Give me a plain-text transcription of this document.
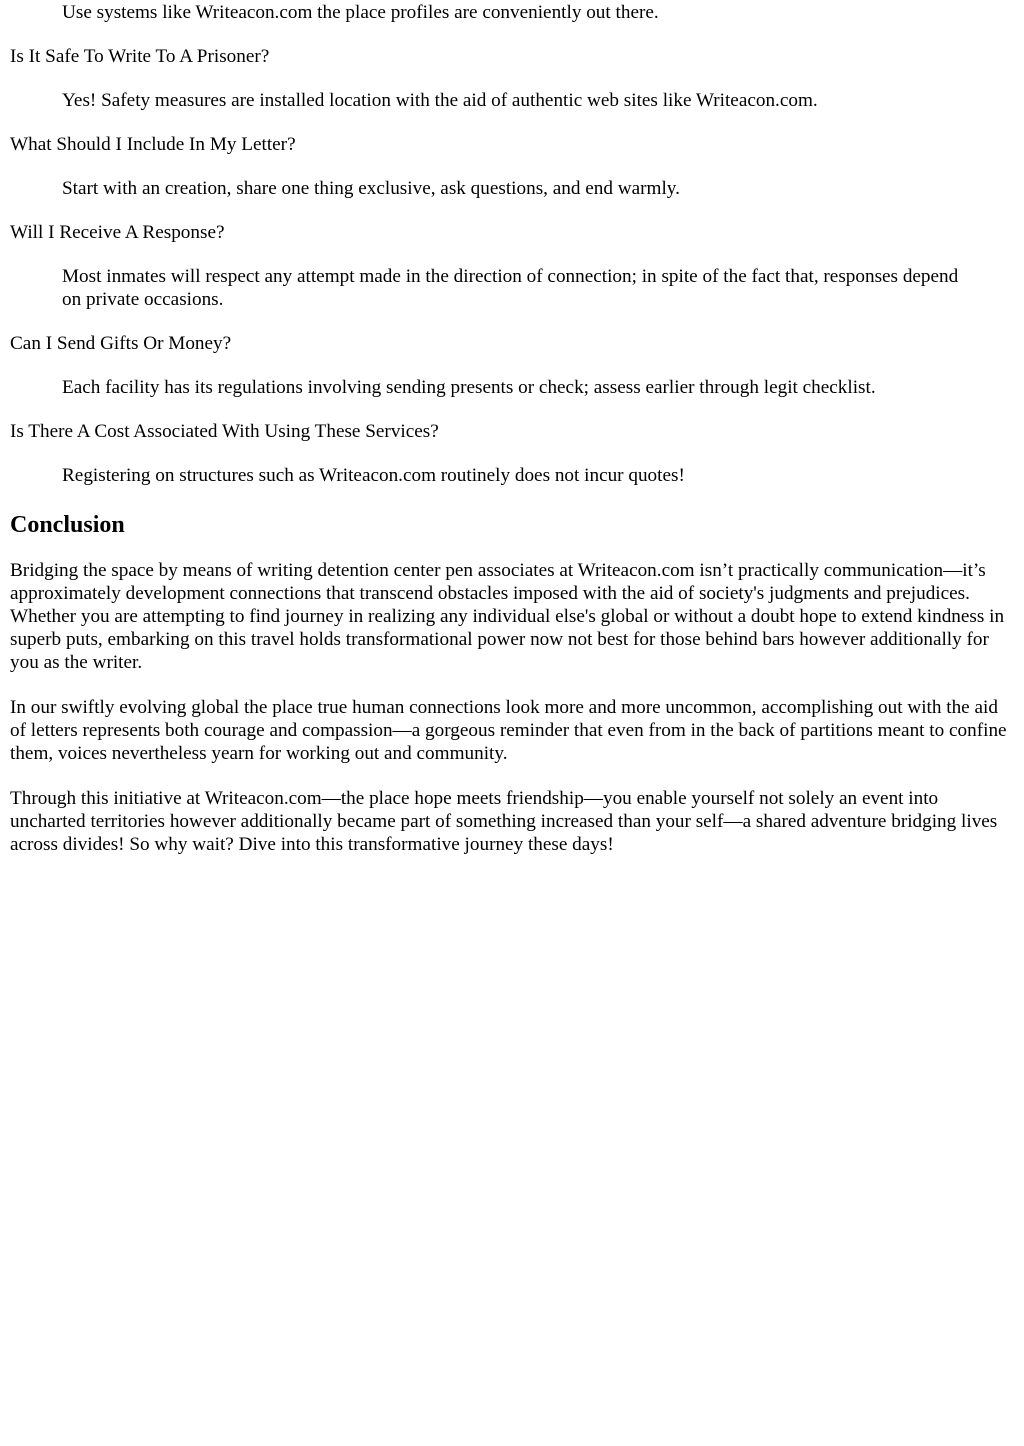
Use systems like Writeacon.com the place profiles are conveniently out there.

Is It Safe To Write To A Prisoner?
Yes! Safety measures are installed location with the aid of authentic web sites like Writeacon.com.
What Should I Include In My Letter?
Start with an creation, share one thing exclusive, ask questions, and end warmly.
Will I Receive A Response?
Most inmates will respect any attempt made in the direction of connection; in spite of the fact that, responses depend on private occasions.
Can I Send Gifts Or Money?
Each facility has its regulations involving sending presents or check; assess earlier through legit checklist.
Is There A Cost Associated With Using These Services?
Registering on structures such as Writeacon.com routinely does not incur quotes!
Conclusion

Bridging the space by means of writing detention center pen associates at Writeacon.com isn’t practically communication—it’s approximately development connections that transcend obstacles imposed with the aid of society's judgments and prejudices. Whether you are attempting to find journey in realizing any individual else's global or without a doubt hope to extend kindness in superb puts, embarking on this travel holds transformational power now not best for those behind bars however additionally for you as the writer.

In our swiftly evolving global the place true human connections look more and more uncommon, accomplishing out with the aid of letters represents both courage and compassion—a gorgeous reminder that even from in the back of partitions meant to confine them, voices nevertheless yearn for working out and community.

Through this initiative at Writeacon.com—the place hope meets friendship—you enable yourself not solely an event into uncharted territories however additionally became part of something increased than your self—a shared adventure bridging lives across divides! So why wait? Dive into this transformative journey these days!
